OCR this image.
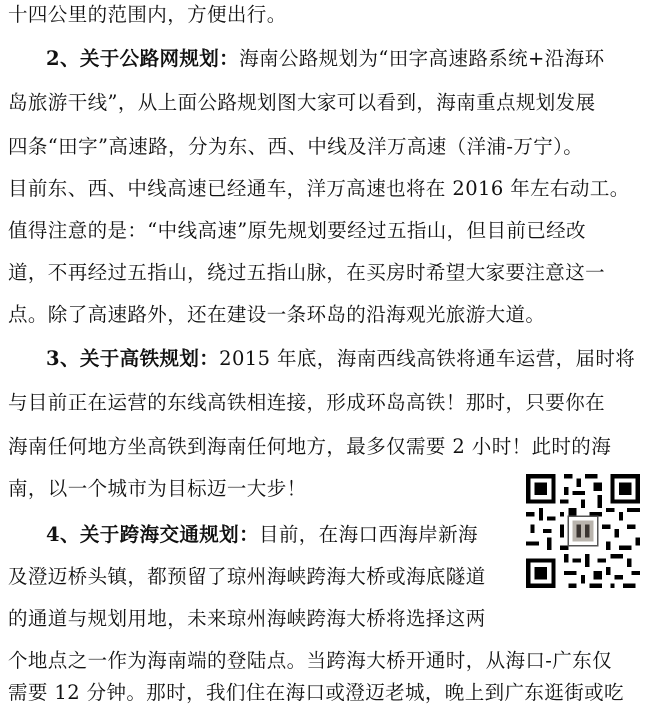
十四公里的范围内，方便出行。
2、关于公路网规划：海南公路规划为“田字高速路系统+沿海环
岛旅游干线”，从上面公路规划图大家可以看到，海南重点规划发展
四条“田字”高速路，分为东、西、中线及洋万高速（洋浦-万宁）。
目前东、西、中线高速已经通车，洋万高速也将在 2016 年左右动工。
值得注意的是：“中线高速”原先规划要经过五指山，但目前已经改
道，不再经过五指山，绕过五指山脉，在买房时希望大家要注意这一
点。除了高速路外，还在建设一条环岛的沿海观光旅游大道。
3、关于高铁规划：2015 年底，海南西线高铁将通车运营，届时将
与目前正在运营的东线高铁相连接，形成环岛高铁！那时，只要你在
海南任何地方坐高铁到海南任何地方，最多仅需要 2 小时！此时的海
南，以一个城市为目标迈一大步！
4、关于跨海交通规划：目前，在海口西海岸新海
及澄迈桥头镇，都预留了琼州海峡跨海大桥或海底隧道
的通道与规划用地，未来琼州海峡跨海大桥将选择这两
个地点之一作为海南端的登陆点。当跨海大桥开通时，从海口-广东仅
需要 12 分钟。那时，我们住在海口或澄迈老城，晚上到广东逛街或吃
